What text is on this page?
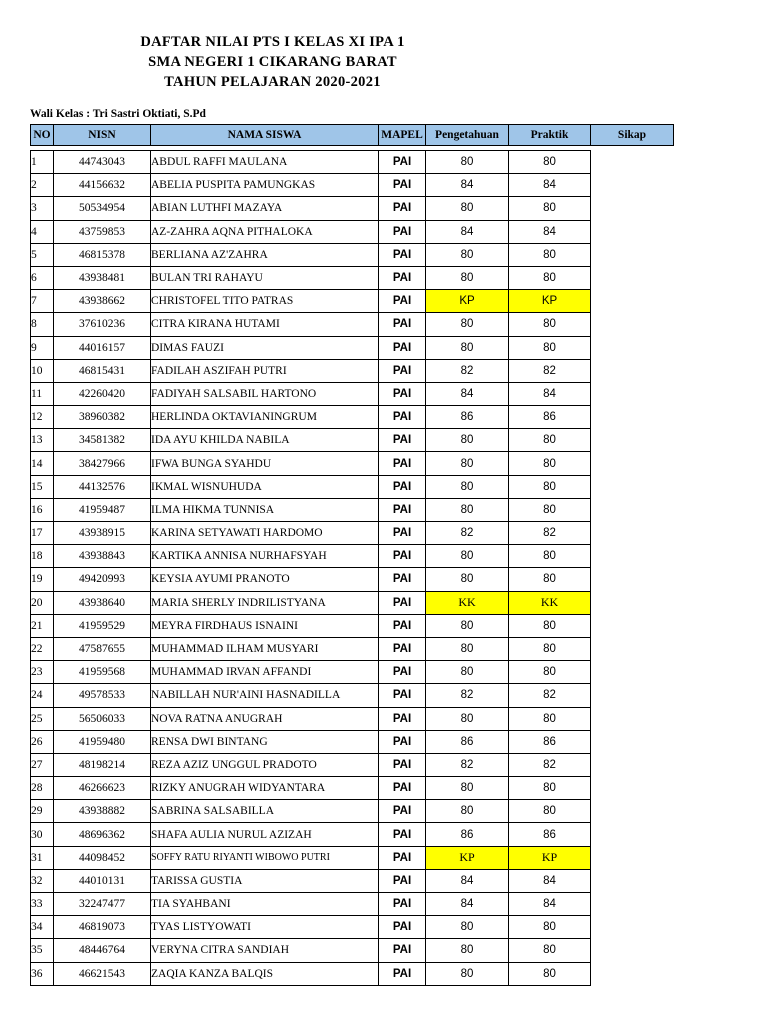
DAFTAR NILAI PTS I KELAS XI IPA 1
SMA NEGERI 1 CIKARANG BARAT
TAHUN PELAJARAN 2020-2021
Wali Kelas : Tri Sastri Oktiati, S.Pd
NO	NISN	NAMA SISWA	MAPEL	Pengetahuan	Praktik	Sikap

1	44743043	ABDUL RAFFI MAULANA	PAI	80	80	
2	44156632	ABELIA PUSPITA PAMUNGKAS	PAI	84	84	
3	50534954	ABIAN LUTHFI MAZAYA	PAI	80	80	
4	43759853	AZ-ZAHRA AQNA PITHALOKA	PAI	84	84	
5	46815378	BERLIANA AZ'ZAHRA	PAI	80	80	
6	43938481	BULAN TRI RAHAYU	PAI	80	80	
7	43938662	CHRISTOFEL TITO PATRAS	PAI	KP	KP	
8	37610236	CITRA KIRANA HUTAMI	PAI	80	80	
9	44016157	DIMAS FAUZI	PAI	80	80	
10	46815431	FADILAH ASZIFAH PUTRI	PAI	82	82	
11	42260420	FADIYAH SALSABIL HARTONO	PAI	84	84	
12	38960382	HERLINDA OKTAVIANINGRUM	PAI	86	86	
13	34581382	IDA AYU KHILDA NABILA	PAI	80	80	
14	38427966	IFWA BUNGA SYAHDU	PAI	80	80	
15	44132576	IKMAL WISNUHUDA	PAI	80	80	
16	41959487	ILMA HIKMA TUNNISA	PAI	80	80	
17	43938915	KARINA SETYAWATI HARDOMO	PAI	82	82	
18	43938843	KARTIKA ANNISA NURHAFSYAH	PAI	80	80	
19	49420993	KEYSIA AYUMI PRANOTO	PAI	80	80	
20	43938640	MARIA SHERLY INDRILISTYANA	PAI	KK	KK	
21	41959529	MEYRA FIRDHAUS ISNAINI	PAI	80	80	
22	47587655	MUHAMMAD ILHAM MUSYARI	PAI	80	80	
23	41959568	MUHAMMAD IRVAN AFFANDI	PAI	80	80	
24	49578533	NABILLAH NUR'AINI HASNADILLA	PAI	82	82	
25	56506033	NOVA RATNA ANUGRAH	PAI	80	80	
26	41959480	RENSA DWI BINTANG	PAI	86	86	
27	48198214	REZA AZIZ UNGGUL PRADOTO	PAI	82	82	
28	46266623	RIZKY ANUGRAH WIDYANTARA	PAI	80	80	
29	43938882	SABRINA SALSABILLA	PAI	80	80	
30	48696362	SHAFA AULIA NURUL AZIZAH	PAI	86	86	
31	44098452	SOFFY RATU RIYANTI WIBOWO PUTRI	PAI	KP	KP	
32	44010131	TARISSA GUSTIA	PAI	84	84	
33	32247477	TIA SYAHBANI	PAI	84	84	
34	46819073	TYAS LISTYOWATI	PAI	80	80	
35	48446764	VERYNA CITRA SANDIAH	PAI	80	80	
36	46621543	ZAQIA KANZA BALQIS	PAI	80	80	
